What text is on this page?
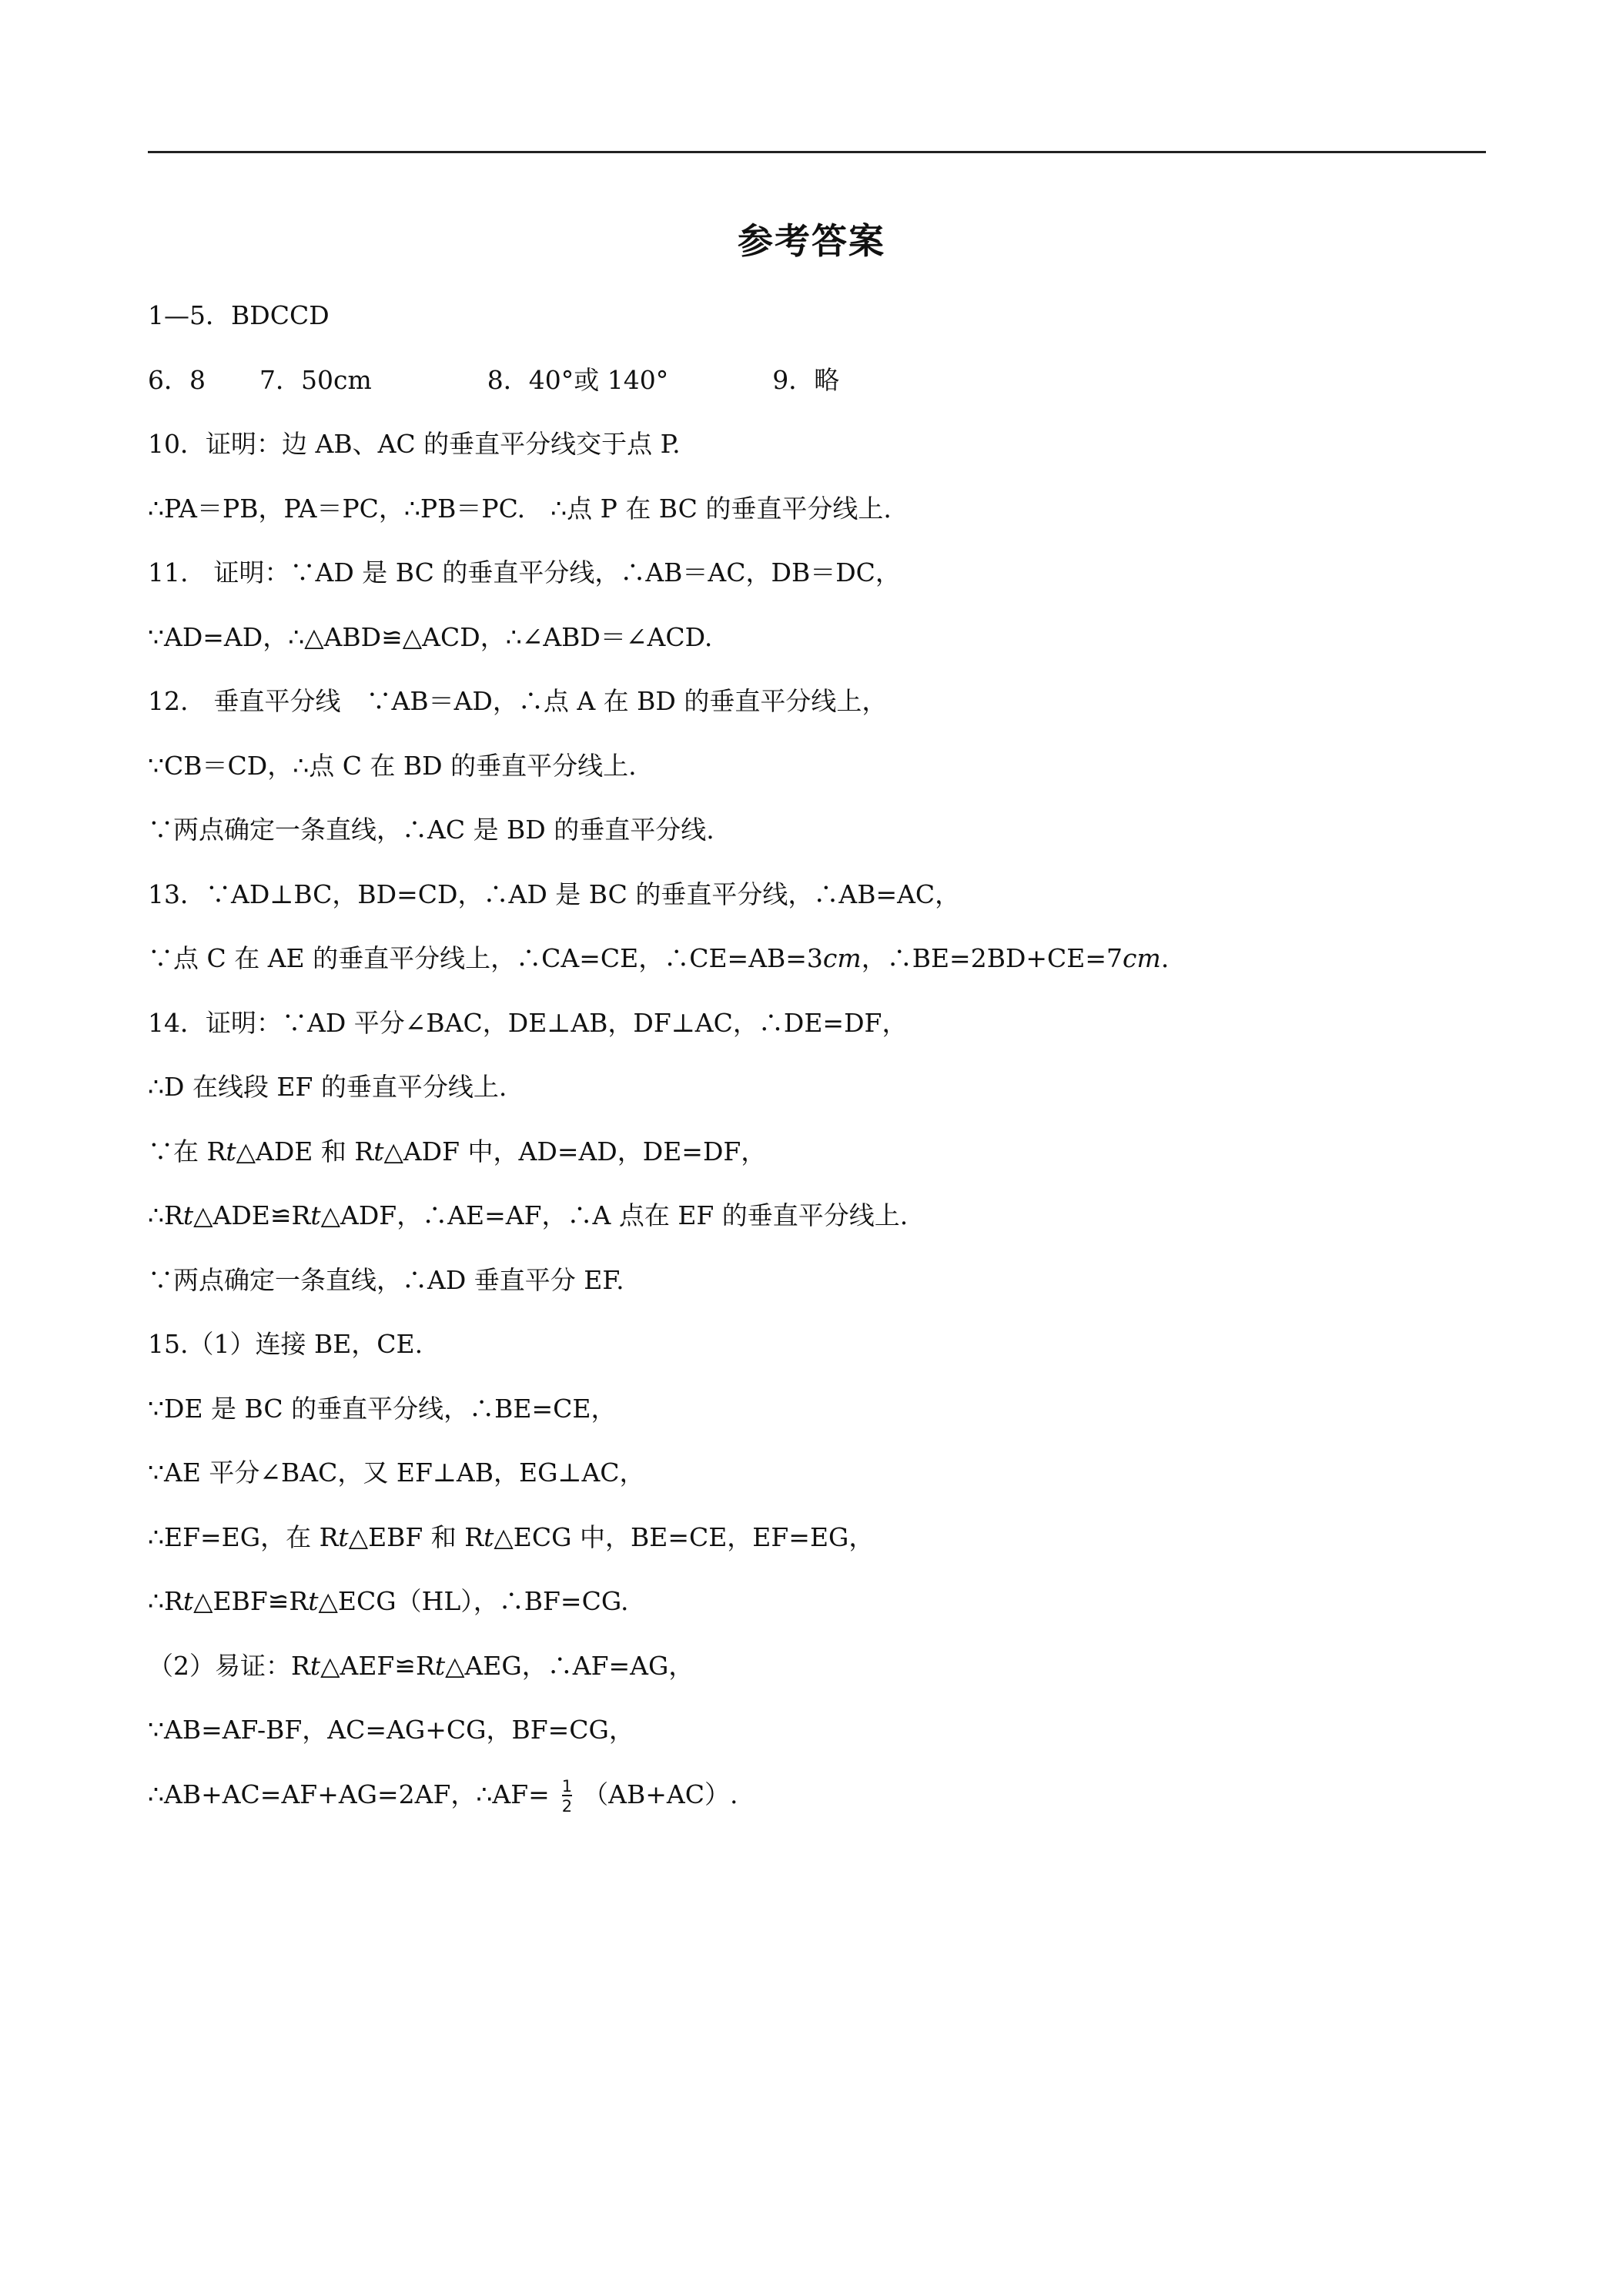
参考答案
1—5．BDCCD
6．8 7．50cm	8．40°或 140°	9．略
10．证明：边 AB、AC 的垂直平分线交于点 P.
∴PA＝PB，PA＝PC，∴PB＝PC.　∴点 P 在 BC 的垂直平分线上.
11.　证明：∵AD 是 BC 的垂直平分线，∴AB＝AC，DB＝DC，
∵AD=AD，∴△ABD≌△ACD，∴∠ABD＝∠ACD.
12.　垂直平分线　∵AB＝AD，∴点 A 在 BD 的垂直平分线上，
∵CB＝CD，∴点 C 在 BD 的垂直平分线上.
∵两点确定一条直线，∴AC 是 BD 的垂直平分线.
13．∵AD⊥BC，BD=CD，∴AD 是 BC 的垂直平分线，∴AB=AC，
∵点 C 在 AE 的垂直平分线上，∴CA=CE，∴CE=AB=3cm，∴BE=2BD+CE=7cm.
14．证明：∵AD 平分∠BAC，DE⊥AB，DF⊥AC，∴DE=DF，
∴D 在线段 EF 的垂直平分线上.
∵在 Rt△ADE 和 Rt△ADF 中，AD=AD，DE=DF，
∴Rt△ADE≌Rt△ADF，∴AE=AF，∴A 点在 EF 的垂直平分线上.
∵两点确定一条直线，∴AD 垂直平分 EF.
15.（1）连接 BE，CE.
∵DE 是 BC 的垂直平分线，∴BE=CE，
∵AE 平分∠BAC，又 EF⊥AB，EG⊥AC，
∴EF=EG，在 Rt△EBF 和 Rt△ECG 中，BE=CE，EF=EG，
∴Rt△EBF≌Rt△ECG（HL），∴BF=CG.
（2）易证：Rt△AEF≌Rt△AEG，∴AF=AG，
∵AB=AF-BF，AC=AG+CG，BF=CG，
∴AB+AC=AF+AG=2AF，∴AF= $\frac{1}{2} (AB+AC)$.
